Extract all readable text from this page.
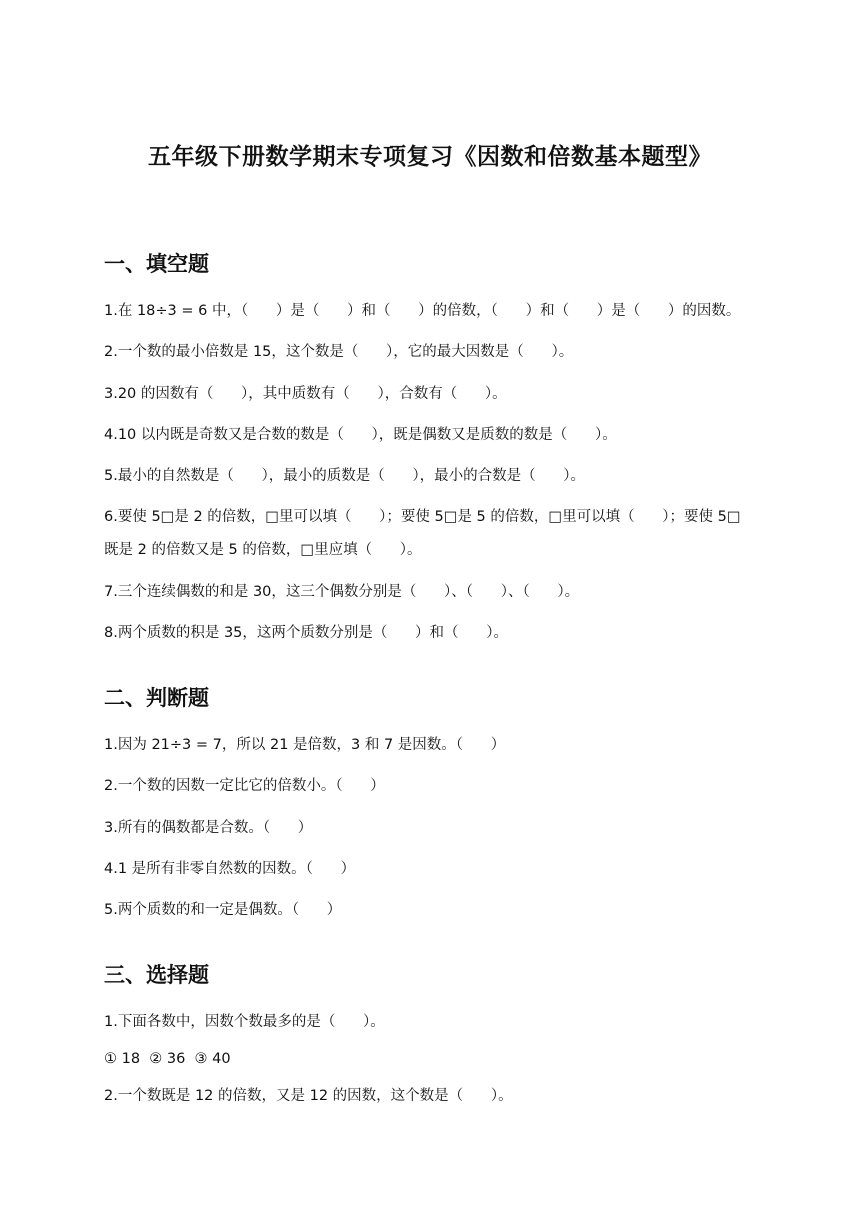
五年级下册数学期末专项复习《因数和倍数基本题型》
一、填空题
1.在 18÷3 = 6 中，（      ）是（      ）和（      ）的倍数，（      ）和（      ）是（      ）的因数。
2.一个数的最小倍数是 15，这个数是（      ），它的最大因数是（      ）。
3.20 的因数有（      ），其中质数有（      ），合数有（      ）。
4.10 以内既是奇数又是合数的数是（      ），既是偶数又是质数的数是（      ）。
5.最小的自然数是（      ），最小的质数是（      ），最小的合数是（      ）。
6.要使 5□是 2 的倍数，□里可以填（      ）；要使 5□是 5 的倍数，□里可以填（      ）；要使 5□
既是 2 的倍数又是 5 的倍数，□里应填（      ）。
7.三个连续偶数的和是 30，这三个偶数分别是（      ）、（      ）、（      ）。
8.两个质数的积是 35，这两个质数分别是（      ）和（      ）。
二、判断题
1.因为 21÷3 = 7，所以 21 是倍数，3 和 7 是因数。（      ）
2.一个数的因数一定比它的倍数小。（      ）
3.所有的偶数都是合数。（      ）
4.1 是所有非零自然数的因数。（      ）
5.两个质数的和一定是偶数。（      ）
三、选择题
1.下面各数中，因数个数最多的是（      ）。
① 18  ② 36  ③ 40
2.一个数既是 12 的倍数，又是 12 的因数，这个数是（      ）。
